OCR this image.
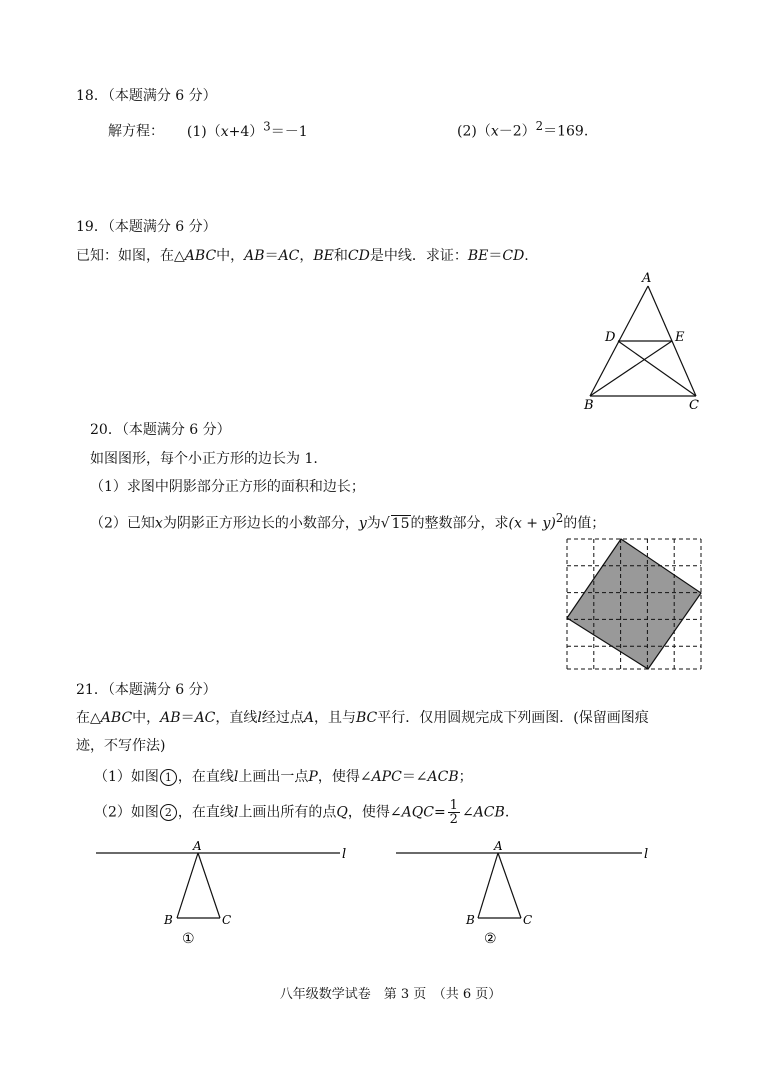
18．（本题满分 6 分）
解方程： $(1)(x+4)^3=-1$	$(2)(x-2)^2=169$.
19．（本题满分 6 分）
已知：如图，在△ABC中，AB＝AC，BE和CD是中线．求证：BE＝CD.
A
D	E
B	C
20．（本题满分 6 分）
如图图形，每个小正方形的边长为 1.
（1）求图中阴影部分正方形的面积和边长；
（2）已知x为阴影正方形边长的小数部分，y为√ 15的整数部分，求$(x + y)^2$的值；
21．（本题满分 6 分）
在△ABC中，AB＝AC，直线l经过点A，且与BC平行．仅用圆规完成下列画图．(保留画图痕
迹，不写作法)
（1）如图 1 ，在直线l上画出一点P，使得∠APC＝∠ACB；
（2）如图 2 ，在直线l上画出所有的点Q，使得∠AQC= $\frac{1}{2}$ ∠ACB.
A
l
B	C
①
A
l
B	C
②
八年级数学试卷　第 3 页　（共 6 页）
